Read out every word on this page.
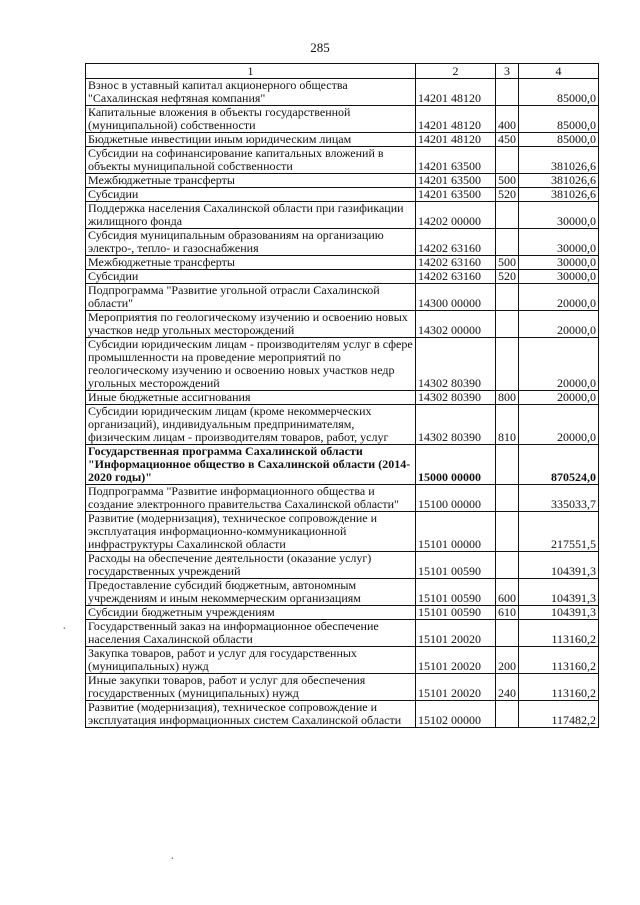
285
1	2	3	4
Взнос в уставный капитал акционерного общества "Сахалинская нефтяная компания"	14201 48120		85000,0
Капитальные вложения в объекты государственной (муниципальной) собственности	14201 48120	400	85000,0
Бюджетные инвестиции иным юридическим лицам	14201 48120	450	85000,0
Субсидии на софинансирование капитальных вложений в объекты муниципальной собственности	14201 63500		381026,6
Межбюджетные трансферты	14201 63500	500	381026,6
Субсидии	14201 63500	520	381026,6
Поддержка населения Сахалинской области при газификации жилищного фонда	14202 00000		30000,0
Субсидия муниципальным образованиям на организацию электро-, тепло- и газоснабжения	14202 63160		30000,0
Межбюджетные трансферты	14202 63160	500	30000,0
Субсидии	14202 63160	520	30000,0
Подпрограмма "Развитие угольной отрасли Сахалинской области"	14300 00000		20000,0
Мероприятия по геологическому изучению и освоению новых участков недр угольных месторождений	14302 00000		20000,0
Субсидии юридическим лицам - производителям услуг в сфере промышленности на проведение мероприятий по геологическому изучению и освоению новых участков недр угольных месторождений	14302 80390		20000,0
Иные бюджетные ассигнования	14302 80390	800	20000,0
Субсидии юридическим лицам (кроме некоммерческих организаций), индивидуальным предпринимателям, физическим лицам - производителям товаров, работ, услуг	14302 80390	810	20000,0
Государственная программа Сахалинской области "Информационное общество в Сахалинской области (2014-2020 годы)"	15000 00000		870524,0
Подпрограмма "Развитие информационного общества и создание электронного правительства Сахалинской области"	15100 00000		335033,7
Развитие (модернизация), техническое сопровождение и эксплуатация информационно-коммуникационной инфраструктуры Сахалинской области	15101 00000		217551,5
Расходы на обеспечение деятельности (оказание услуг) государственных учреждений	15101 00590		104391,3
Предоставление субсидий бюджетным, автономным учреждениям и иным некоммерческим организациям	15101 00590	600	104391,3
Субсидии бюджетным учреждениям	15101 00590	610	104391,3
Государственный заказ на информационное обеспечение населения Сахалинской области	15101 20020		113160,2
Закупка товаров, работ и услуг для государственных (муниципальных) нужд	15101 20020	200	113160,2
Иные закупки товаров, работ и услуг для обеспечения государственных (муниципальных) нужд	15101 20020	240	113160,2
Развитие (модернизация), техническое сопровождение и эксплуатация информационных систем Сахалинской области	15102 00000		117482,2
·
·
